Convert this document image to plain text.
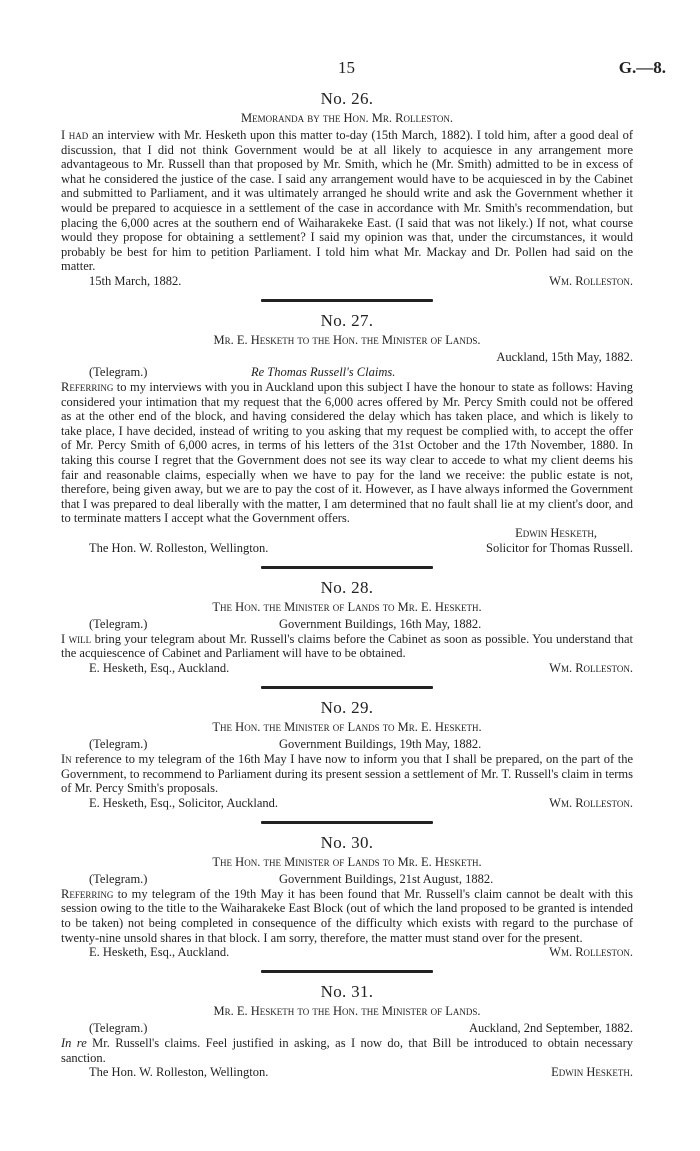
15	G.—8.

No. 26.

Memoranda by the Hon. Mr. Rolleston.

I had an interview with Mr. Hesketh upon this matter to-day (15th March, 1882). I told him, after a good deal of discussion, that I did not think Government would be at all likely to acquiesce in any arrangement more advantageous to Mr. Russell than that proposed by Mr. Smith, which he (Mr. Smith) admitted to be in excess of what he considered the justice of the case. I said any arrangement would have to be acquiesced in by the Cabinet and submitted to Parliament, and it was ultimately arranged he should write and ask the Government whether it would be prepared to acquiesce in a settlement of the case in accordance with Mr. Smith's recommendation, but placing the 6,000 acres at the southern end of Waiharakeke East. (I said that was not likely.) If not, what course would they propose for obtaining a settlement? I said my opinion was that, under the circumstances, it would probably be best for him to petition Parliament. I told him what Mr. Mackay and Dr. Pollen had said on the matter.

15th March, 1882.	Wm. Rolleston.

No. 27.

Mr. E. Hesketh to the Hon. the Minister of Lands.

Auckland, 15th May, 1882.
(Telegram.)	Re Thomas Russell's Claims.

Referring to my interviews with you in Auckland upon this subject I have the honour to state as follows: Having considered your intimation that my request that the 6,000 acres offered by Mr. Percy Smith could not be offered as at the other end of the block, and having considered the delay which has taken place, and which is likely to take place, I have decided, instead of writing to you asking that my request be complied with, to accept the offer of Mr. Percy Smith of 6,000 acres, in terms of his letters of the 31st October and the 17th November, 1880. In taking this course I regret that the Government does not see its way clear to accede to what my client deems his fair and reasonable claims, especially when we have to pay for the land we receive: the public estate is not, therefore, being given away, but we are to pay the cost of it. However, as I have always informed the Government that I was prepared to deal liberally with the matter, I am determined that no fault shall lie at my client's door, and to terminate matters I accept what the Government offers.

Edwin Hesketh,
The Hon. W. Rolleston, Wellington.	Solicitor for Thomas Russell.

No. 28.

The Hon. the Minister of Lands to Mr. E. Hesketh.

(Telegram.)	Government Buildings, 16th May, 1882.

I will bring your telegram about Mr. Russell's claims before the Cabinet as soon as possible. You understand that the acquiescence of Cabinet and Parliament will have to be obtained.

E. Hesketh, Esq., Auckland.	Wm. Rolleston.

No. 29.

The Hon. the Minister of Lands to Mr. E. Hesketh.

(Telegram.)	Government Buildings, 19th May, 1882.

In reference to my telegram of the 16th May I have now to inform you that I shall be prepared, on the part of the Government, to recommend to Parliament during its present session a settlement of Mr. T. Russell's claim in terms of Mr. Percy Smith's proposals.

E. Hesketh, Esq., Solicitor, Auckland.	Wm. Rolleston.

No. 30.

The Hon. the Minister of Lands to Mr. E. Hesketh.

(Telegram.)	Government Buildings, 21st August, 1882.

Referring to my telegram of the 19th May it has been found that Mr. Russell's claim cannot be dealt with this session owing to the title to the Waiharakeke East Block (out of which the land proposed to be granted is intended to be taken) not being completed in consequence of the difficulty which exists with regard to the purchase of twenty-nine unsold shares in that block. I am sorry, therefore, the matter must stand over for the present.

E. Hesketh, Esq., Auckland.	Wm. Rolleston.

No. 31.

Mr. E. Hesketh to the Hon. the Minister of Lands.

(Telegram.)	Auckland, 2nd September, 1882.

In re Mr. Russell's claims. Feel justified in asking, as I now do, that Bill be introduced to obtain necessary sanction.

The Hon. W. Rolleston, Wellington.	Edwin Hesketh.
